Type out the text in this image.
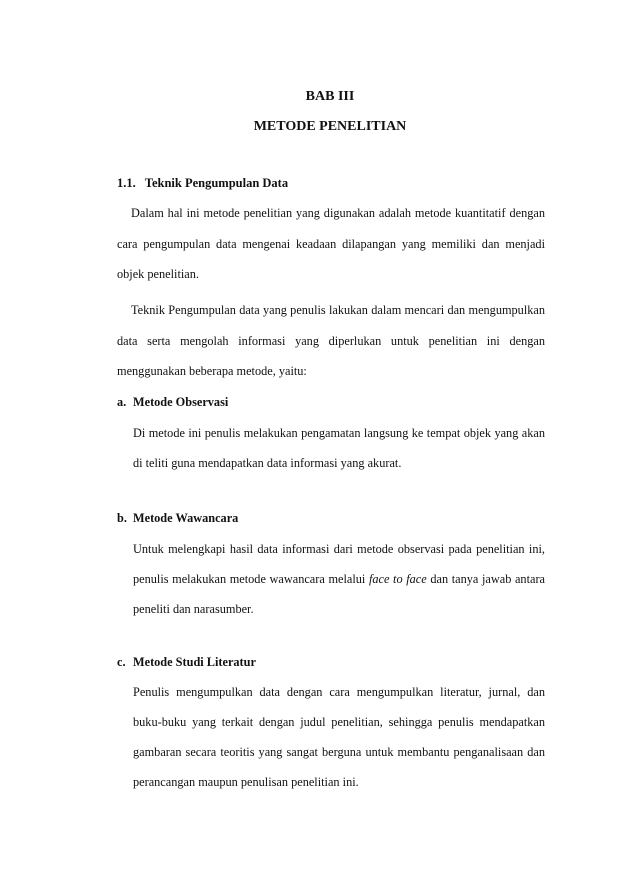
BAB III
METODE PENELITIAN
1.1. Teknik Pengumpulan Data

Dalam hal ini metode penelitian yang digunakan adalah metode kuantitatif dengan cara pengumpulan data mengenai keadaan dilapangan yang memiliki dan menjadi objek penelitian.

Teknik Pengumpulan data yang penulis lakukan dalam mencari dan mengumpulkan data serta mengolah informasi yang diperlukan untuk penelitian ini dengan menggunakan beberapa metode, yaitu:

a. Metode Observasi

Di metode ini penulis melakukan pengamatan langsung ke tempat objek yang akan di teliti guna mendapatkan data informasi yang akurat.

b. Metode Wawancara

Untuk melengkapi hasil data informasi dari metode observasi pada penelitian ini, penulis melakukan metode wawancara melalui face to face dan tanya jawab antara peneliti dan narasumber.

c. Metode Studi Literatur

Penulis mengumpulkan data dengan cara mengumpulkan literatur, jurnal, dan buku-buku yang terkait dengan judul penelitian, sehingga penulis mendapatkan gambaran secara teoritis yang sangat berguna untuk membantu penganalisaan dan perancangan maupun penulisan penelitian ini.
